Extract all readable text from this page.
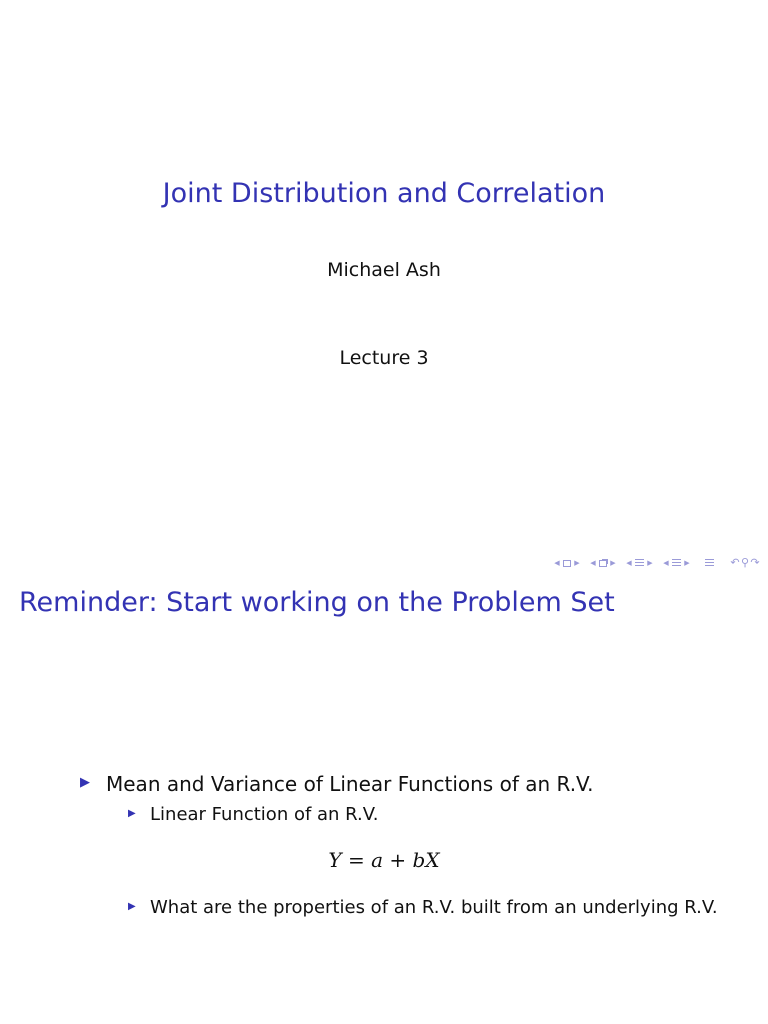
Joint Distribution and Correlation
Michael Ash
Lecture 3
◀ ▶ ◀ ▶ ◀ ▶ ◀ ▶	↶ ⚲ ↷
Reminder: Start working on the Problem Set
▶ Mean and Variance of Linear Functions of an R.V.
▶ Linear Function of an R.V.
Y = a + bX
▶ What are the properties of an R.V. built from an underlying R.V.
